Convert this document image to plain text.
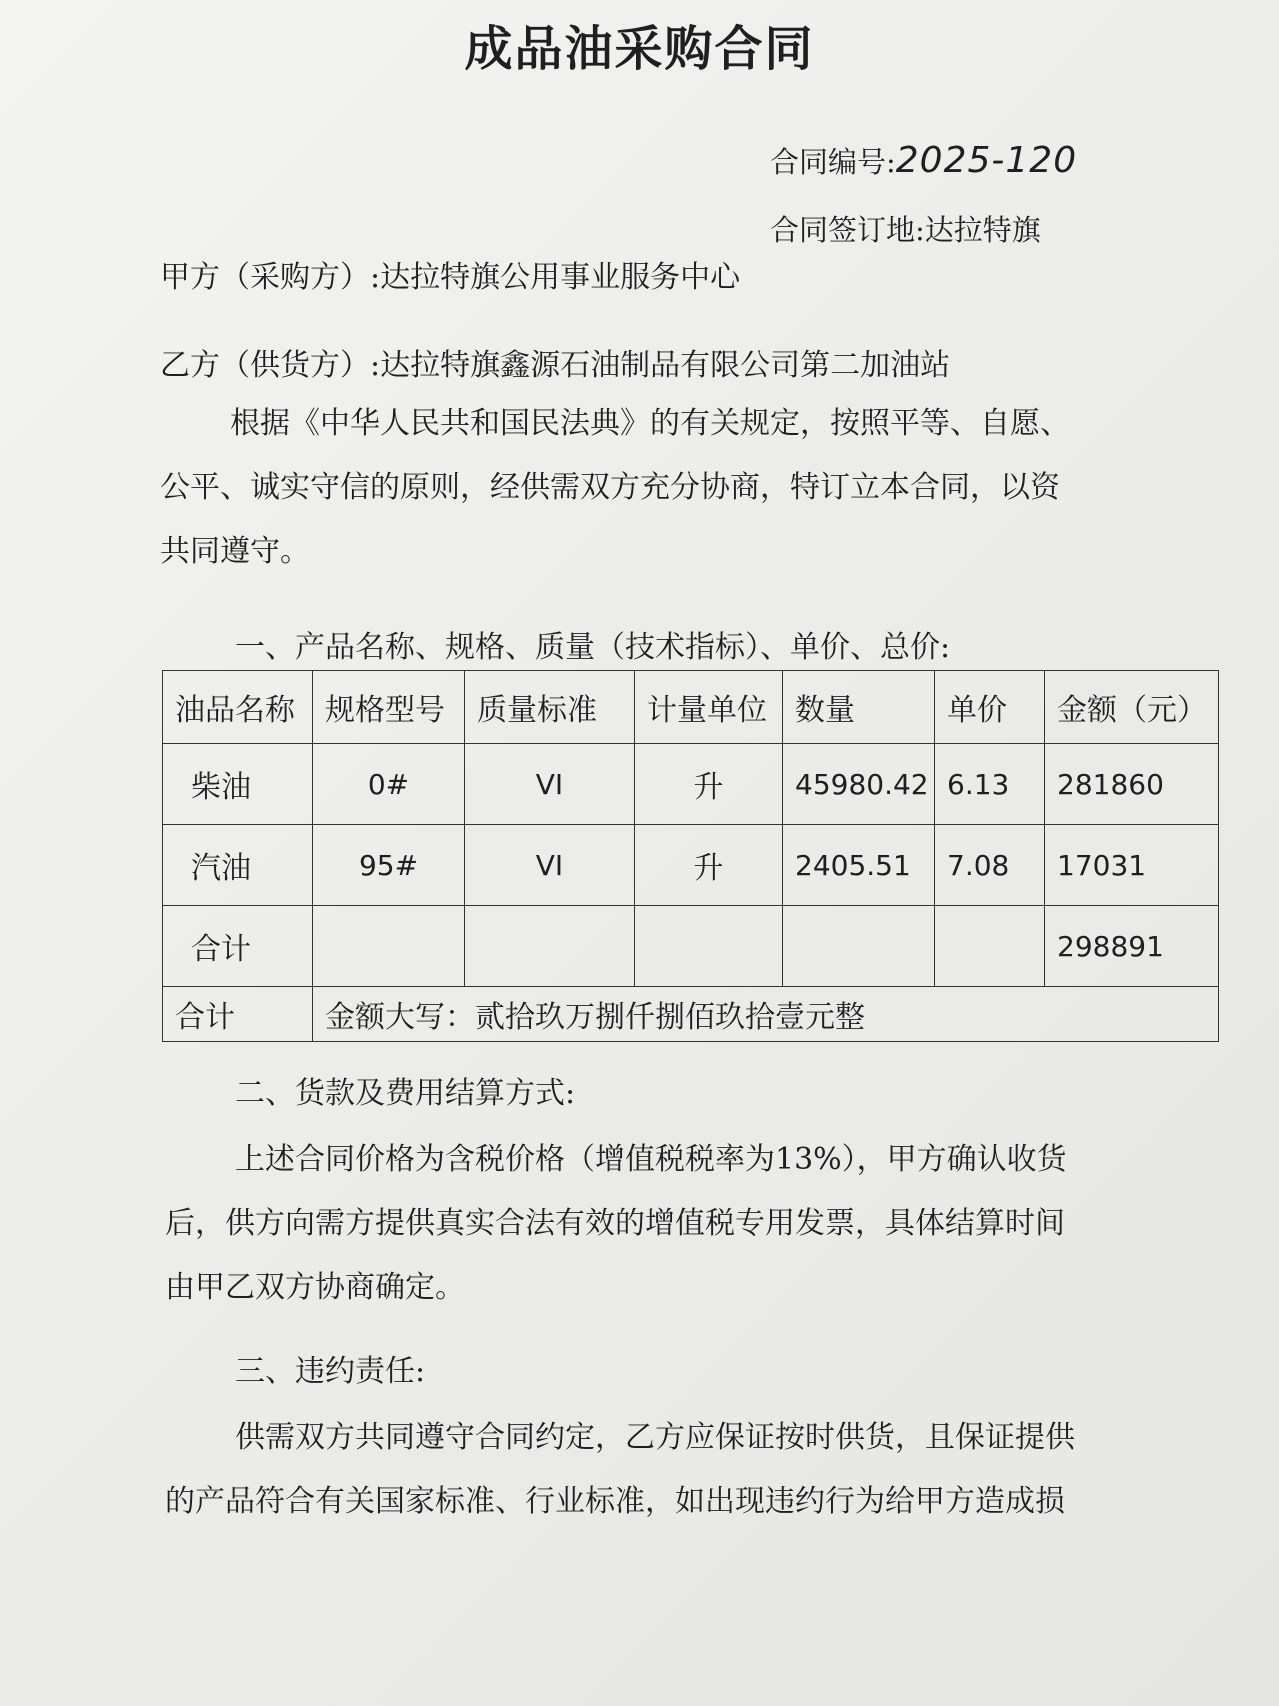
成品油采购合同
合同编号:2025-120
合同签订地:达拉特旗
甲方（采购方）:达拉特旗公用事业服务中心
乙方（供货方）:达拉特旗鑫源石油制品有限公司第二加油站
根据《中华人民共和国民法典》的有关规定，按照平等、自愿、
公平、诚实守信的原则，经供需双方充分协商，特订立本合同，以资
共同遵守。
一、产品名称、规格、质量（技术指标）、单价、总价:
油品名称	规格型号	质量标准	计量单位	数量	单价	金额（元）
柴油	0#	VI	升	45980.42	6.13	281860
汽油	95#	VI	升	2405.51	7.08	17031
合计						298891
合计	金额大写：贰拾玖万捌仟捌佰玖拾壹元整					
二、货款及费用结算方式:
上述合同价格为含税价格（增值税税率为13%），甲方确认收货
后，供方向需方提供真实合法有效的增值税专用发票，具体结算时间
由甲乙双方协商确定。
三、违约责任:
供需双方共同遵守合同约定，乙方应保证按时供货，且保证提供
的产品符合有关国家标准、行业标准，如出现违约行为给甲方造成损
